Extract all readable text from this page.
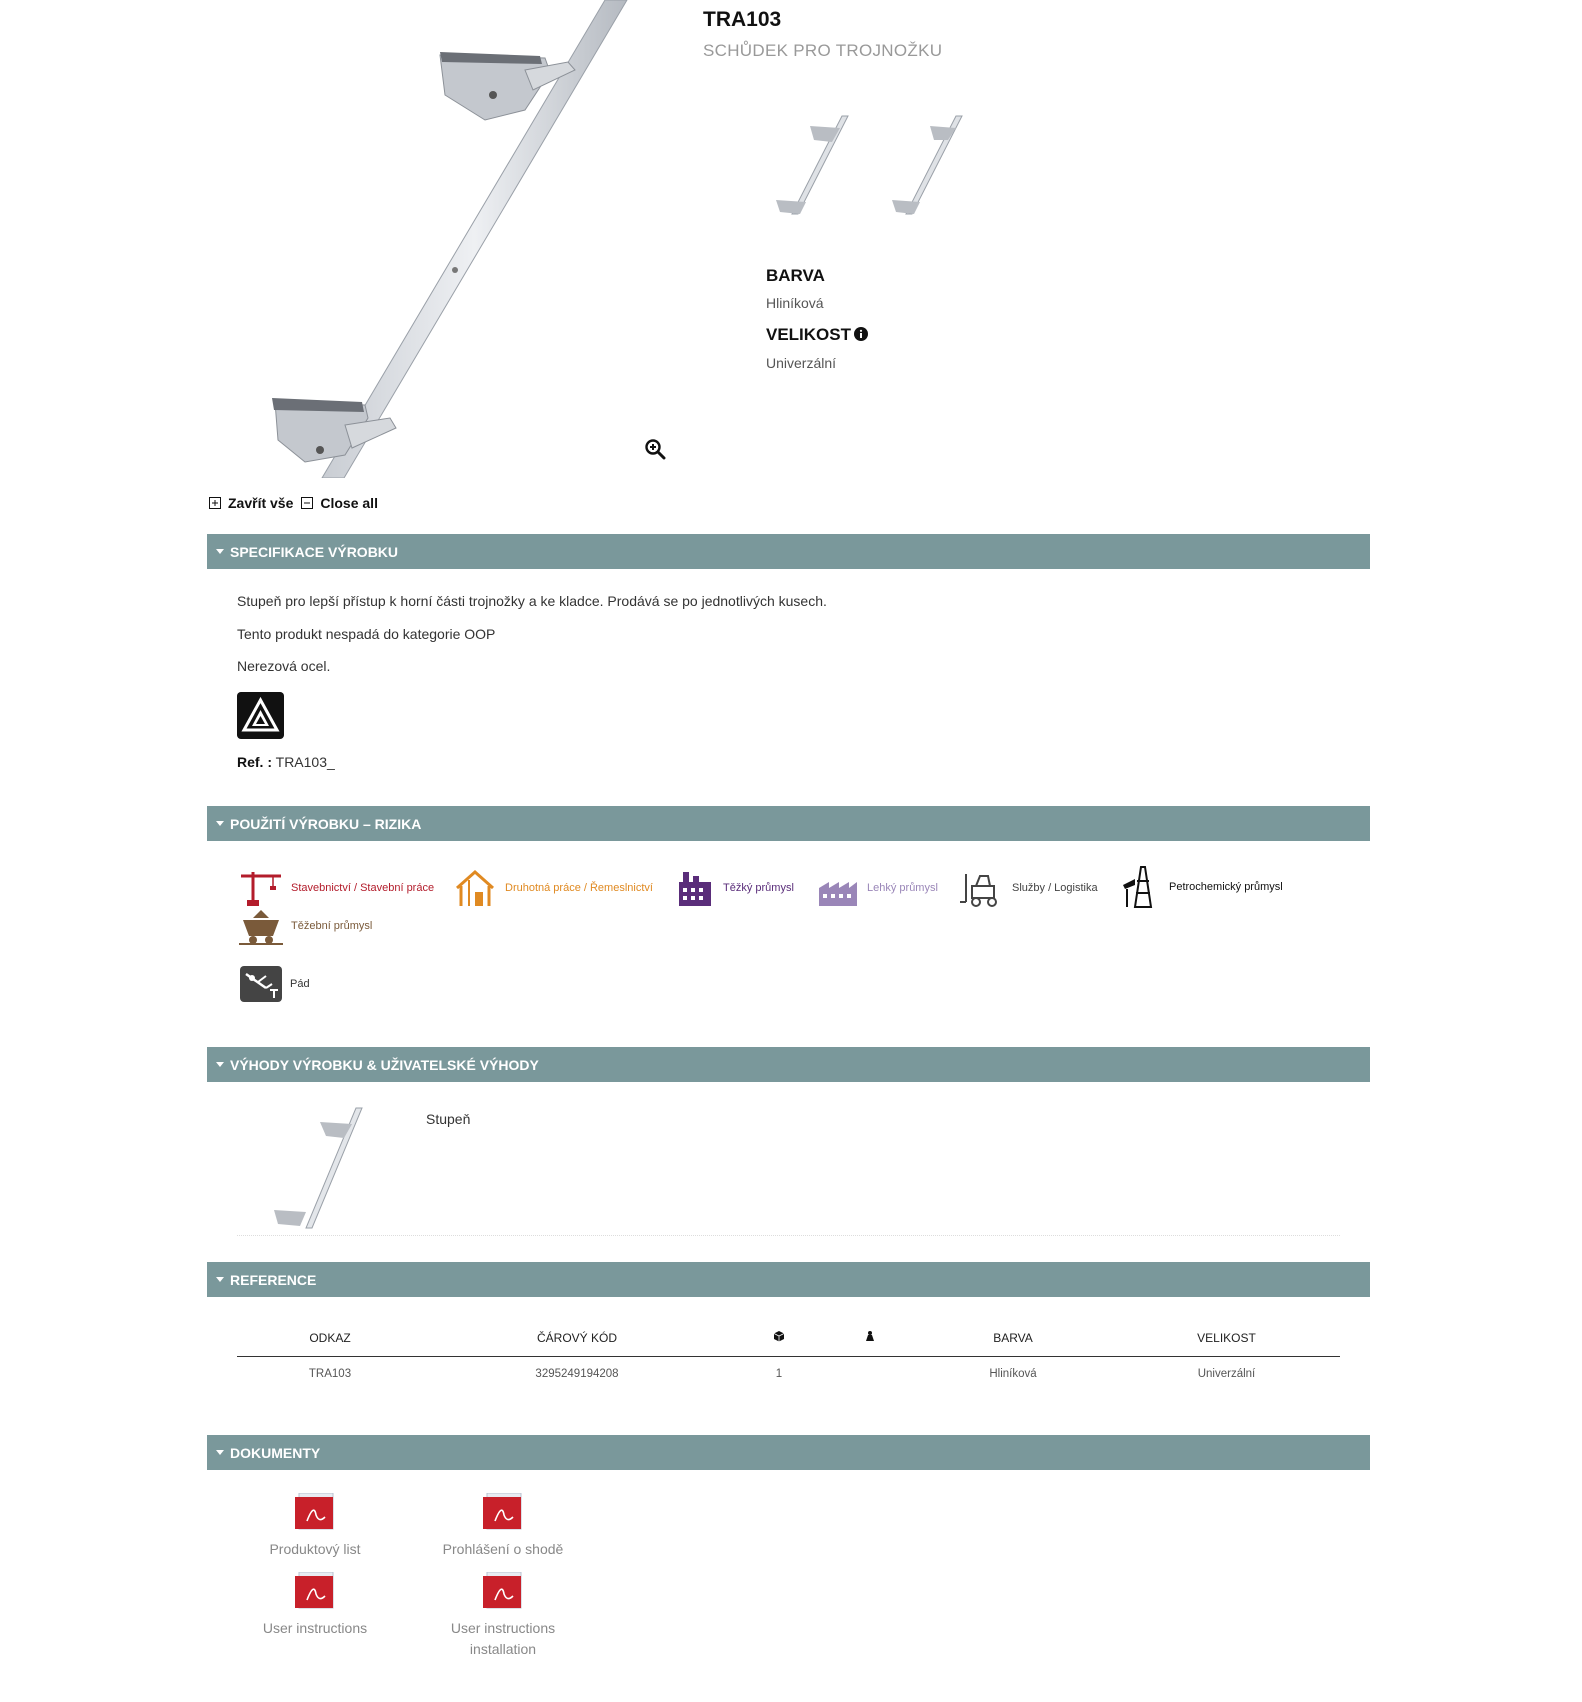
TRA103
SCHŮDEK PRO TROJNOŽKU
BARVA
Hliníková
VELIKOST
Univerzální
Zavřít vše Close all
SPECIFIKACE VÝROBKU
Stupeň pro lepší přístup k horní části trojnožky a ke kladce. Prodává se po jednotlivých kusech.
Tento produkt nespadá do kategorie OOP
Nerezová ocel.
Ref. : TRA103_
POUŽITÍ VÝROBKU – RIZIKA
Stavebnictví / Stavební práce	Druhotná práce / Řemeslnictví	Těžký průmysl	Lehký průmysl	Služby / Logistika	Petrochemický průmysl
Těžební průmysl
Pád
VÝHODY VÝROBKU & UŽIVATELSKÉ VÝHODY
Stupeň
REFERENCE
ODKAZ	ČÁROVÝ KÓD			BARVA	VELIKOST
TRA103	3295249194208	1		Hliníková	Univerzální
DOKUMENTY
Produktový list	Prohlášení o shodě
User instructions	User instructions installation
